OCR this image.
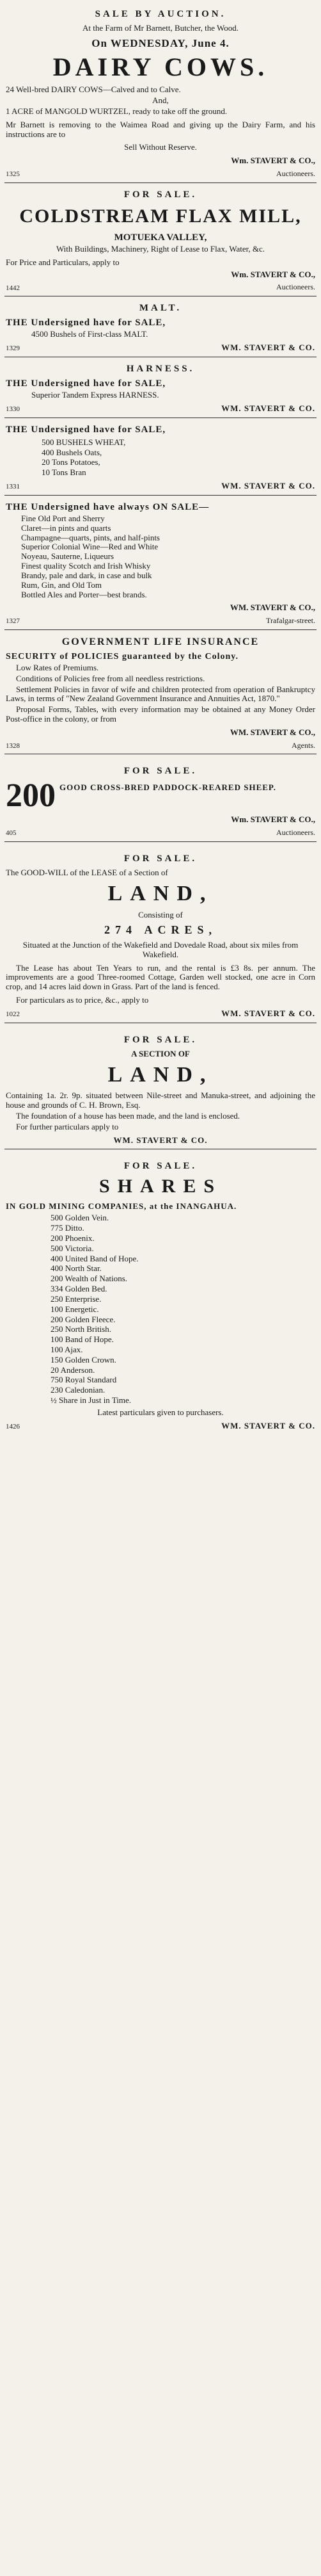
SALE BY AUCTION.
At the Farm of Mr Barnett, Butcher, the Wood.
On WEDNESDAY, June 4.
DAIRY COWS.
24 Well-bred DAIRY COWS—Calved and to Calve.
And,
1 ACRE of MANGOLD WURTZEL, ready to take off the ground.
Mr Barnett is removing to the Waimea Road and giving up the Dairy Farm, and his instructions are to
Sell Without Reserve.
Wm. STAVERT & CO.,
1325	Auctioneers.
FOR SALE.
COLDSTREAM FLAX MILL,
MOTUEKA VALLEY,
With Buildings, Machinery, Right of Lease to Flax, Water, &c.
For Price and Particulars, apply to
Wm. STAVERT & CO.,
1442	Auctioneers.
MALT.
THE Undersigned have for SALE,
4500 Bushels of First-class MALT.
1329	WM. STAVERT & CO.
HARNESS.
THE Undersigned have for SALE,
Superior Tandem Express HARNESS.
1330	WM. STAVERT & CO.
THE Undersigned have for SALE,
500 BUSHELS WHEAT,
400 Bushels Oats,
20 Tons Potatoes,
10 Tons Bran
1331	WM. STAVERT & CO.
THE Undersigned have always ON SALE—
Fine Old Port and Sherry
Claret—in pints and quarts
Champagne—quarts, pints, and half-pints
Superior Colonial Wine—Red and White
Noyeau, Sauterne, Liqueurs
Finest quality Scotch and Irish Whisky
Brandy, pale and dark, in case and bulk
Rum, Gin, and Old Tom
Bottled Ales and Porter—best brands.
WM. STAVERT & CO.,
1327	Trafalgar-street.
GOVERNMENT LIFE INSURANCE
SECURITY of POLICIES guaranteed by the Colony.
Low Rates of Premiums.
Conditions of Policies free from all needless restrictions.
Settlement Policies in favor of wife and children protected from operation of Bankruptcy Laws, in terms of "New Zealand Government Insurance and Annuities Act, 1870."
Proposal Forms, Tables, with every information may be obtained at any Money Order Post-office in the colony, or from
WM. STAVERT & CO.,
1328	Agents.
FOR SALE.
200 GOOD CROSS-BRED PADDOCK-REARED SHEEP.
Wm. STAVERT & CO.,
405	Auctioneers.
FOR SALE.
The GOOD-WILL of the LEASE of a Section of
LAND,
Consisting of
274 ACRES,
Situated at the Junction of the Wakefield and Dovedale Road, about six miles from Wakefield.
The Lease has about Ten Years to run, and the rental is £3 8s. per annum. The improvements are a good Three-roomed Cottage, Garden well stocked, one acre in Corn crop, and 14 acres laid down in Grass. Part of the land is fenced.
For particulars as to price, &c., apply to
1022	WM. STAVERT & CO.
FOR SALE.
A SECTION OF
LAND,
Containing 1a. 2r. 9p. situated between Nile-street and Manuka-street, and adjoining the house and grounds of C. H. Brown, Esq.
The foundation of a house has been made, and the land is enclosed.
For further particulars apply to
WM. STAVERT & CO.
FOR SALE.
SHARES
IN GOLD MINING COMPANIES, at the INANGAHUA.
500 Golden Vein.
775 Ditto.
200 Phoenix.
500 Victoria.
400 United Band of Hope.
400 North Star.
200 Wealth of Nations.
334 Golden Bed.
250 Enterprise.
100 Energetic.
200 Golden Fleece.
250 North British.
100 Band of Hope.
100 Ajax.
150 Golden Crown.
20 Anderson.
750 Royal Standard
230 Caledonian.
½ Share in Just in Time.
Latest particulars given to purchasers.
1426	WM. STAVERT & CO.
